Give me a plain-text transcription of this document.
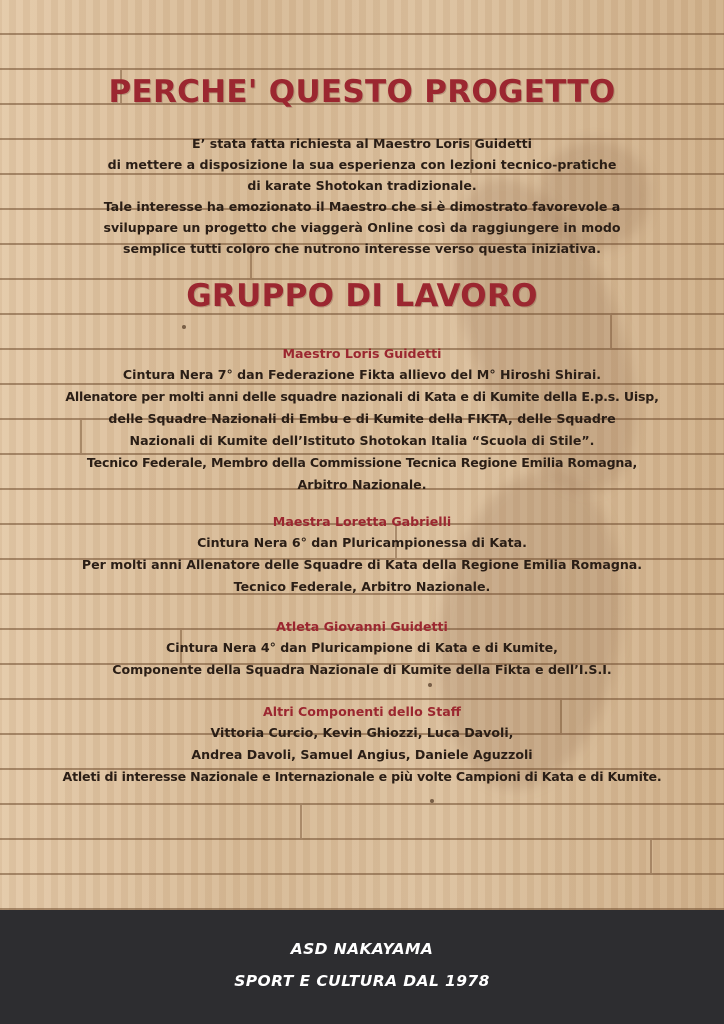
PERCHE' QUESTO PROGETTO
E’ stata fatta richiesta al Maestro Loris Guidetti
di mettere a disposizione la sua esperienza con lezioni tecnico-pratiche
di karate Shotokan tradizionale.
Tale interesse ha emozionato il Maestro che si è dimostrato favorevole a
sviluppare un progetto che viaggerà Online così da raggiungere in modo
semplice tutti coloro che nutrono interesse verso questa iniziativa.
GRUPPO DI LAVORO
Maestro Loris Guidetti
Cintura Nera 7° dan Federazione Fikta allievo del M° Hiroshi Shirai.
Allenatore per molti anni delle squadre nazionali di Kata e di Kumite della E.p.s. Uisp,
delle Squadre Nazionali di Embu e di Kumite della FIKTA, delle Squadre
Nazionali di Kumite dell’Istituto Shotokan Italia “Scuola di Stile”.
Tecnico Federale, Membro della Commissione Tecnica Regione Emilia Romagna,
Arbitro Nazionale.
Maestra Loretta Gabrielli
Cintura Nera 6° dan Pluricampionessa di Kata.
Per molti anni Allenatore delle Squadre di Kata della Regione Emilia Romagna.
Tecnico Federale, Arbitro Nazionale.
Atleta Giovanni Guidetti
Cintura Nera 4° dan Pluricampione di Kata e di Kumite,
Componente della Squadra Nazionale di Kumite della Fikta e dell’I.S.I.
Altri Componenti dello Staff
Vittoria Curcio, Kevin Ghiozzi, Luca Davoli,
Andrea Davoli, Samuel Angius, Daniele Aguzzoli
Atleti di interesse Nazionale e Internazionale e più volte Campioni di Kata e di Kumite.
ASD NAKAYAMA
SPORT E CULTURA DAL 1978
